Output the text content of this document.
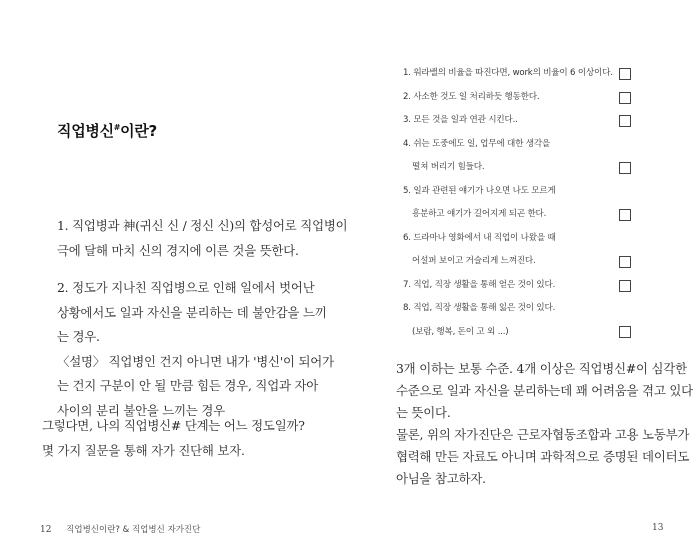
직업병신#이란?
1. 직업병과 神(귀신 신 / 정신 신)의 합성어로 직업병이
극에 달해 마치 신의 경지에 이른 것을 뜻한다.
2. 정도가 지나친 직업병으로 인해 일에서 벗어난
상황에서도 일과 자신을 분리하는 데 불안감을 느끼
는 경우.
〈설명〉 직업병인 건지 아니면 내가 '병신'이 되어가
는 건지 구분이 안 될 만큼 힘든 경우, 직업과 자아
사이의 분리 불안을 느끼는 경우
그렇다면, 나의 직업병신# 단계는 어느 정도일까?
몇 가지 질문을 통해 자가 진단해 보자.
12 직업병신이란? & 직업병신 자가진단
1. 워라밸의 비율을 따진다면, work의 비율이 6 이상이다.
2. 사소한 것도 일 처리하듯 행동한다.
3. 모든 것을 일과 연관 시킨다..
4. 쉬는 도중에도 일, 업무에 대한 생각을
떨쳐 버리기 힘들다.
5. 일과 관련된 얘기가 나오면 나도 모르게
흥분하고 얘기가 길어지게 되곤 한다.
6. 드라마나 영화에서 내 직업이 나왔을 때
어설퍼 보이고 거슬리게 느껴진다.
7. 직업, 직장 생활을 통해 얻은 것이 있다.
8. 직업, 직장 생활을 통해 잃은 것이 있다.
(보람, 행복, 돈이 고 외 ...)
3개 이하는 보통 수준. 4개 이상은 직업병신#이 심각한
수준으로 일과 자신을 분리하는데 꽤 어려움을 겪고 있다
는 뜻이다.
물론, 위의 자가진단은 근로자협동조합과 고용 노동부가
협력해 만든 자료도 아니며 과학적으로 증명된 데이터도
아님을 참고하자.
13
